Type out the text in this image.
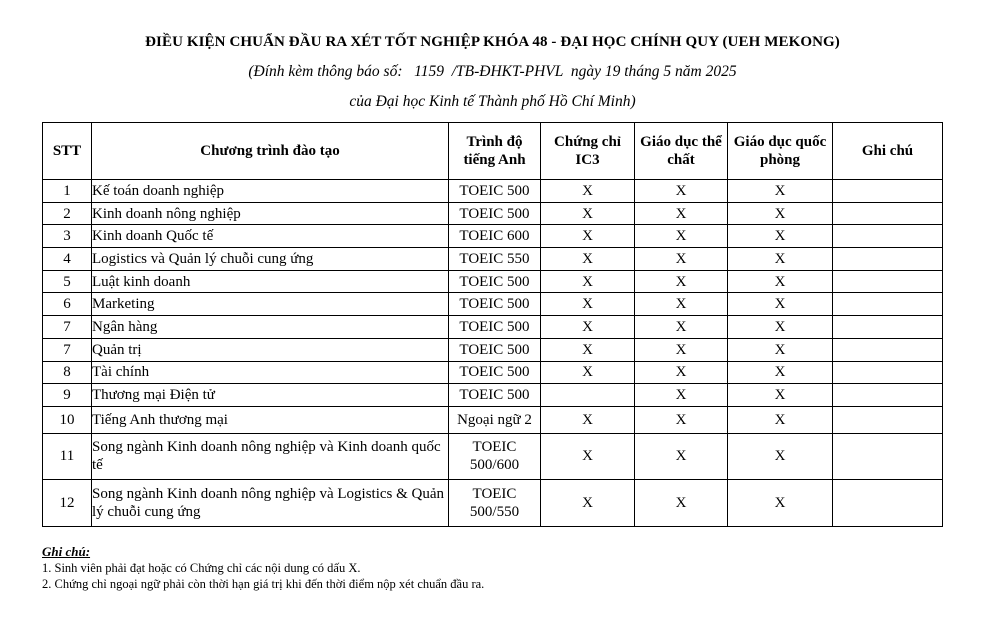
ĐIỀU KIỆN CHUẨN ĐẦU RA XÉT TỐT NGHIỆP KHÓA 48 - ĐẠI HỌC CHÍNH QUY (UEH MEKONG)
(Đính kèm thông báo số:   1159  /TB-ĐHKT-PHVL  ngày 19 tháng 5 năm 2025
của Đại học Kinh tế Thành phố Hồ Chí Minh)
STT	Chương trình đào tạo	Trình độ tiếng Anh	Chứng chỉ IC3	Giáo dục thể chất	Giáo dục quốc phòng	Ghi chú
1	Kế toán doanh nghiệp	TOEIC 500	X	X	X	
2	Kinh doanh nông nghiệp	TOEIC 500	X	X	X	
3	Kinh doanh Quốc tế	TOEIC 600	X	X	X	
4	Logistics và Quản lý chuỗi cung ứng	TOEIC 550	X	X	X	
5	Luật kinh doanh	TOEIC 500	X	X	X	
6	Marketing	TOEIC 500	X	X	X	
7	Ngân hàng	TOEIC 500	X	X	X	
7	Quản trị	TOEIC 500	X	X	X	
8	Tài chính	TOEIC 500	X	X	X	
9	Thương mại Điện tử	TOEIC 500		X	X	
10	Tiếng Anh thương mại	Ngoại ngữ 2	X	X	X	
11	Song ngành Kinh doanh nông nghiệp và Kinh doanh quốc tế	TOEIC 500/600	X	X	X	
12	Song ngành Kinh doanh nông nghiệp và Logistics & Quản lý chuỗi cung ứng	TOEIC 500/550	X	X	X	
Ghi chú:
1. Sinh viên phải đạt hoặc có Chứng chỉ các nội dung có dấu X.
2. Chứng chỉ ngoại ngữ phải còn thời hạn giá trị khi đến thời điểm nộp xét chuẩn đầu ra.
